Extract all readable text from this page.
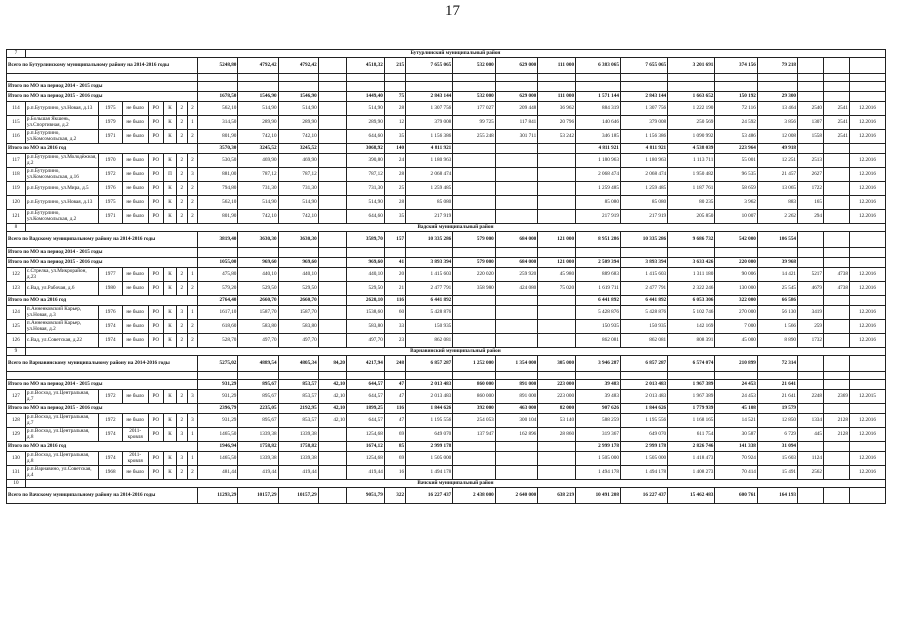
17
7	Бутурлинский муниципальный район																								
Всего по Бутурлинскому муниципальному району на 2014-2016 годы								5248,80	4792,42	4792,42		4518,32	215	7 655 065	532 000	629 000	111 000	6 383 065	7 655 065	3 201 691	374 156	79 218			

Итого по МО на период 2014 - 2015 годы																									
Итого по МО на период 2015 - 2016 годы								1678,50	1546,90	1546,90		1449,40	75	2 843 144	532 000	629 000	111 000	1 571 144	2 843 144	1 663 652	150 192	29 300			
114	р.п.Бутурлино, ул.Новая, д.13	1975	не было	РО	К	2	2	562,10	514,90	514,90		514,90	28	1 307 756	177 027	209 448	36 962	884 319	1 307 756	1 222 190	72 116	13 464	2540	2541	12.2016
115	р.Большая Якшень, ул.Спортивная, д.2	1979	не было	РО	К	2	1	314,50	289,90	289,90		289,90	12	379 008	99 725	117 841	20 796	140 646	379 008	250 569	24 592	3 856	1307	2541	12.2016
116	р.п.Бутурлино, ул.Комсомольская, д.2	1971	не было	РО	К	2	2	801,90	742,10	742,10		644,60	35	1 156 386	255 248	301 711	53 242	346 185	1 156 386	1 090 992	53 486	12 008	1558	2541	12.2016
Итого по МО на 2016 год								3570,30	3245,52	3245,52		3068,92	140	4 811 921				4 811 921	4 811 921	4 538 039	223 964	49 918			
117	р.п.Бутурлино, ул.Молодёжная, д.2	1970	не было	РО	К	2	2	530,50	469,90	469,90		390,80	24	1 180 963				1 180 963	1 180 963	1 113 711	55 001	12 251	2513		12.2016
118	р.п.Бутурлино, ул.Комсомольская, д.16	1972	не было	РО	П	2	3	881,00	787,12	787,12		787,12	28	2 068 474				2 068 474	2 068 474	1 950 482	96 535	21 457	2627		12.2016
119	р.п.Бутурлино, ул.Мира, д.5	1976	не было	РО	К	2	2	794,80	731,30	731,30		731,30	25	1 259 485				1 259 485	1 259 485	1 187 761	58 659	13 065	1722		12.2016
120	р.п.Бутурлино, ул.Новая, д.13	1975	не было	РО	К	2	2	562,10	514,90	514,90		514,90	28	85 080				85 080	85 080	80 235	3 962	883	165		12.2016
121	р.п.Бутурлино, ул.Комсомольская, д.2	1971	не было	РО	К	2	2	801,90	742,10	742,10		644,60	35	217 919				217 919	217 919	205 850	10 007	2 262	294		12.2016
8	Вадский муниципальный район																								
Всего по Вадскому муниципальному району на 2014-2016 годы								3819,40	3630,30	3630,30		3589,70	157	10 335 286	579 000	684 000	121 000	8 951 286	10 335 286	9 686 732	542 000	106 554			
Итого по МО на период 2014 - 2015 годы																									
Итого по МО на период 2015 - 2016 годы								1055,00	969,60	969,60		969,60	41	3 893 394	579 000	684 000	121 000	2 509 394	3 893 394	3 633 426	220 000	39 968			
122	с.Стрелка, ул.Микрорайон, д.23	1977	не было	РО	К	2	1	475,80	440,10	440,10		440,10	20	1 415 603	220 020	259 920	45 980	889 683	1 415 603	1 311 180	90 006	14 421	5217	4738	12.2016
123	с.Вад, ул.Рабочая, д.6	1980	не было	РО	К	2	2	579,20	529,50	529,50		529,50	21	2 477 791	358 980	424 080	75 020	1 619 711	2 477 791	2 322 246	130 000	25 545	4679	4738	12.2016
Итого по МО на 2016 год								2764,40	2660,70	2660,70		2620,10	116	6 441 892				6 441 892	6 441 892	6 053 306	322 000	66 586			
124	п.Анненковский Карьер, ул.Новая, д.3	1976	не было	РО	К	3	1	1617,10	1587,70	1587,70		1538,60	60	5 428 876				5 428 876	5 428 876	5 102 746	270 000	56 130	3419		12.2016
125	п.Анненковский Карьер, ул.Новая, д.2	1974	не было	РО	К	2	2	618,60	583,80	583,80		583,80	33	150 935				150 935	150 935	142 169	7 000	1 566	259		12.2016
126	с.Вад, ул.Советская, д.22	1974	не было	РО	К	2	2	528,70	497,70	497,70		497,70	23	862 081				862 081	862 081	808 391	45 000	8 890	1732		12.2016
9	Варнавинский муниципальный район																								
Всего по Варнавинскому муниципальному району на 2014-2016 годы								5275,02	4889,54	4805,34	84,20	4217,94	248	6 857 287	1 252 000	1 354 000	305 000	3 946 287	6 857 287	6 574 074	210 899	72 314			

Итого по МО на период 2014 - 2015 годы								931,29	895,67	853,57	42,10	644,57	47	2 013 483	860 000	891 000	223 000	39 483	2 013 483	1 967 389	24 453	21 641			
127	р.п.Восход, ул.Центральная, д.7	1972	не было	РО	К	2	3	931,29	895,67	853,57	42,10	644,57	47	2 013 483	860 000	891 000	223 000	39 483	2 013 483	1 967 389	24 453	21 641	2248	2369	12.2015
Итого по МО на период 2015 - 2016 годы								2396,79	2235,05	2192,95	42,10	1899,25	116	1 844 626	392 000	463 000	82 000	907 626	1 844 626	1 779 939	45 108	19 579			
128	р.п.Восход, ул.Центральная, д.7	1972	не было	РО	К	2	3	931,29	895,67	853,57	42,10	644,57	47	1 195 556	254 053	300 104	53 140	588 259	1 195 556	1 168 165	14 521	12 850	1334	2128	12.2016
129	р.п.Восход, ул.Центральная, д.8	1974	2011-кровля	РО	К	3	1	1465,50	1339,38	1339,38		1254,68	69	649 070	137 947	162 896	28 860	319 367	649 070	611 754	30 587	6 729	445	2128	12.2016
Итого по МО на 2016 год								1946,94	1758,82	1758,82		1674,12	85	2 999 178				2 999 178	2 999 178	2 826 746	141 338	31 094			
130	р.п.Восход, ул.Центральная, д.8	1974	2011-кровля	РО	К	3	1	1465,50	1339,38	1339,38		1254,68	69	1 505 000				1 505 000	1 505 000	1 418 473	70 924	15 603	1124		12.2016
131	р.п.Варнавино, ул.Советская, д.4	1968	не было	РО	К	2	2	481,44	419,44	419,44		419,44	16	1 494 178				1 494 178	1 494 178	1 408 273	70 414	15 491	2562		12.2016
10	Вачский муниципальный район																								
Всего по Вачскому муниципальному району на 2014-2016 годы								11293,29	10157,29	10157,29		9051,79	322	16 227 437	2 438 000	2 640 000	638 219	10 491 208	16 227 437	15 462 483	600 761	164 193			
